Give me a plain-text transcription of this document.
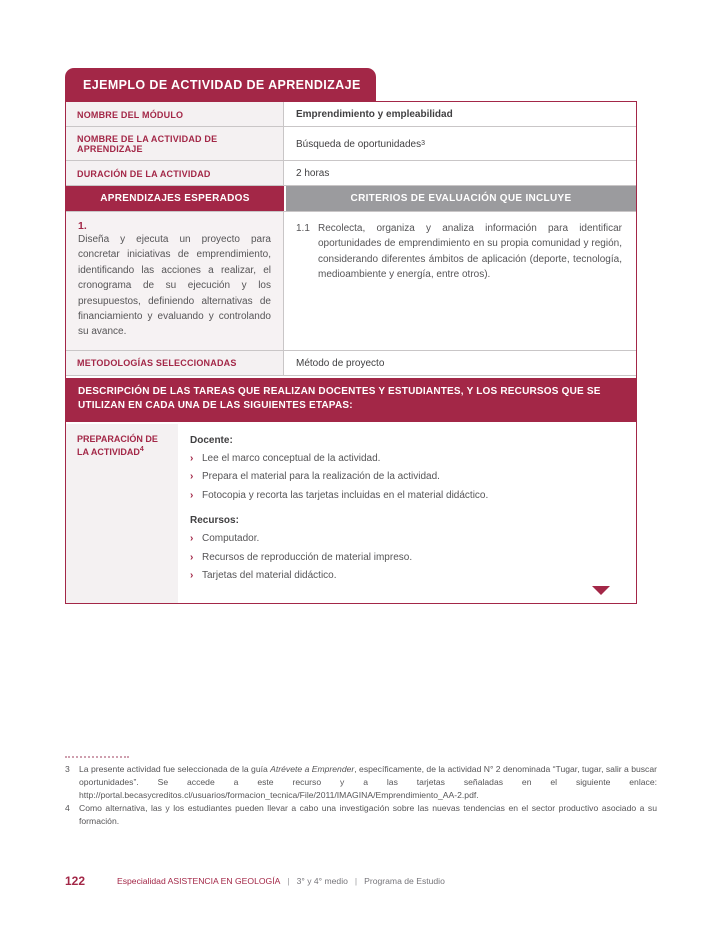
EJEMPLO DE ACTIVIDAD DE APRENDIZAJE
NOMBRE DEL MÓDULO	Emprendimiento y empleabilidad
NOMBRE DE LA ACTIVIDAD DE APRENDIZAJE	Búsqueda de oportunidades 3
DURACIÓN DE LA ACTIVIDAD	2 horas
APRENDIZAJES ESPERADOS	CRITERIOS DE EVALUACIÓN QUE INCLUYE
1.

Diseña y ejecuta un proyecto para concretar iniciativas de emprendimiento, identificando las acciones a realizar, el cronograma de su ejecución y los presupuestos, definiendo alternativas de financiamiento y evaluando y controlando su avance.

1.1 Recolecta, organiza y analiza información para identificar oportunidades de emprendimiento en su propia comunidad y región, considerando diferentes ámbitos de aplicación (deporte, tecnología, medioambiente y energía, entre otros).

METODOLOGÍAS SELECCIONADAS	Método de proyecto
DESCRIPCIÓN DE LAS TAREAS QUE REALIZAN DOCENTES Y ESTUDIANTES, Y LOS RECURSOS QUE SE UTILIZAN EN CADA UNA DE LAS SIGUIENTES ETAPAS:
PREPARACIÓN DE LA ACTIVIDAD$^4$
Docente:
› Lee el marco conceptual de la actividad.
› Prepara el material para la realización de la actividad.
› Fotocopia y recorta las tarjetas incluidas en el material didáctico.
Recursos:
› Computador.
› Recursos de reproducción de material impreso.
› Tarjetas del material didáctico.
3	La presente actividad fue seleccionada de la guía Atrévete a Emprender, específicamente, de la actividad N° 2 denominada “Tugar, tugar, salir a buscar oportunidades”. Se accede a este recurso y a las tarjetas señaladas en el siguiente enlace: http://portal.becasycreditos.cl/usuarios/formacion_tecnica/File/2011/IMAGINA/Emprendimiento_AA-2.pdf.

4	Como alternativa, las y los estudiantes pueden llevar a cabo una investigación sobre las nuevas tendencias en el sector productivo asociado a su formación.

122	Especialidad ASISTENCIA EN GEOLOGÍA | 3° y 4° medio | Programa de Estudio
